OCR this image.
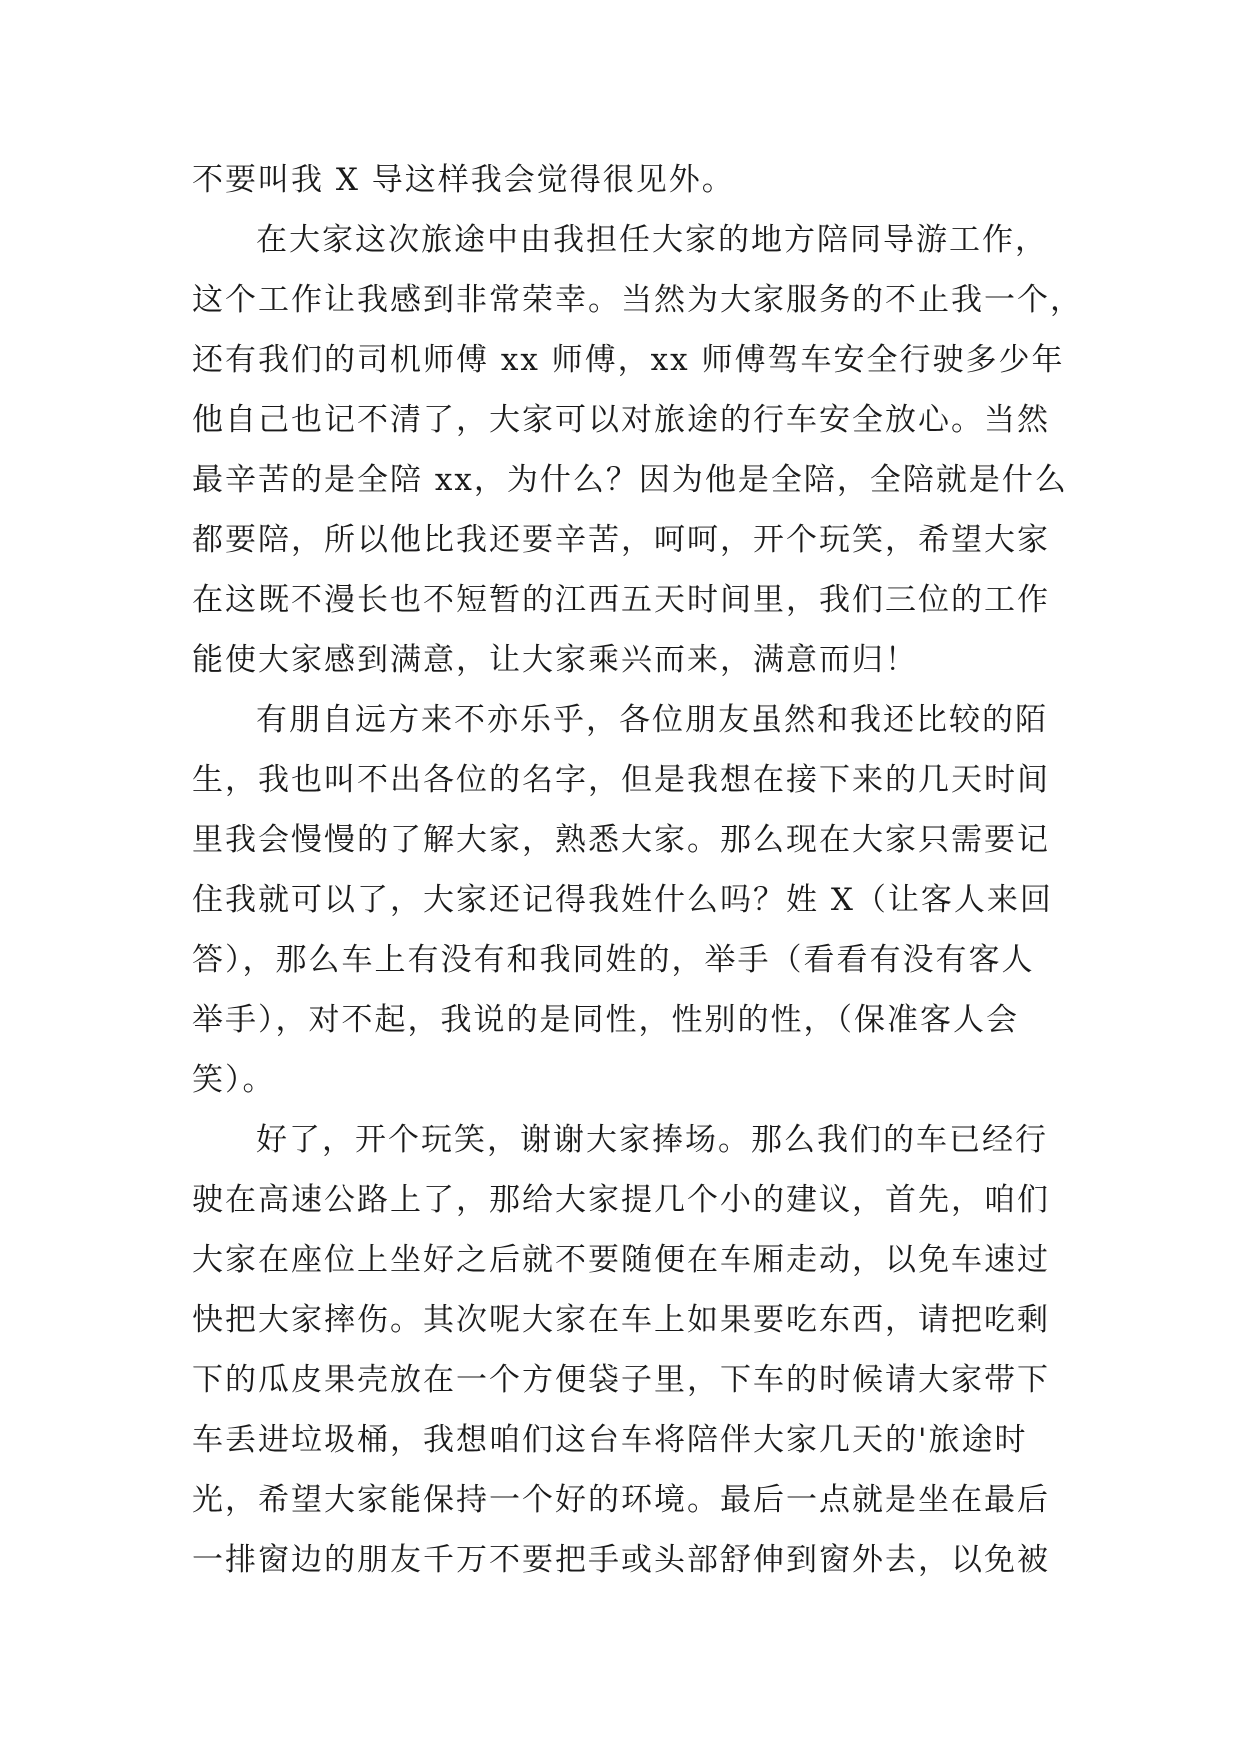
不要叫我 X 导这样我会觉得很见外。
在大家这次旅途中由我担任大家的地方陪同导游工作，
这个工作让我感到非常荣幸。当然为大家服务的不止我一个，
还有我们的司机师傅 xx 师傅，xx 师傅驾车安全行驶多少年
他自己也记不清了，大家可以对旅途的行车安全放心。当然
最辛苦的是全陪 xx，为什么？因为他是全陪，全陪就是什么
都要陪，所以他比我还要辛苦，呵呵，开个玩笑，希望大家
在这既不漫长也不短暂的江西五天时间里，我们三位的工作
能使大家感到满意，让大家乘兴而来，满意而归！
有朋自远方来不亦乐乎，各位朋友虽然和我还比较的陌
生，我也叫不出各位的名字，但是我想在接下来的几天时间
里我会慢慢的了解大家，熟悉大家。那么现在大家只需要记
住我就可以了，大家还记得我姓什么吗？姓 X（让客人来回
答），那么车上有没有和我同姓的，举手（看看有没有客人
举手），对不起，我说的是同性，性别的性，（保准客人会
笑）。
好了，开个玩笑，谢谢大家捧场。那么我们的车已经行
驶在高速公路上了，那给大家提几个小的建议，首先，咱们
大家在座位上坐好之后就不要随便在车厢走动，以免车速过
快把大家摔伤。其次呢大家在车上如果要吃东西，请把吃剩
下的瓜皮果壳放在一个方便袋子里，下车的时候请大家带下
车丢进垃圾桶，我想咱们这台车将陪伴大家几天的'旅途时
光，希望大家能保持一个好的环境。最后一点就是坐在最后
一排窗边的朋友千万不要把手或头部舒伸到窗外去，以免被
